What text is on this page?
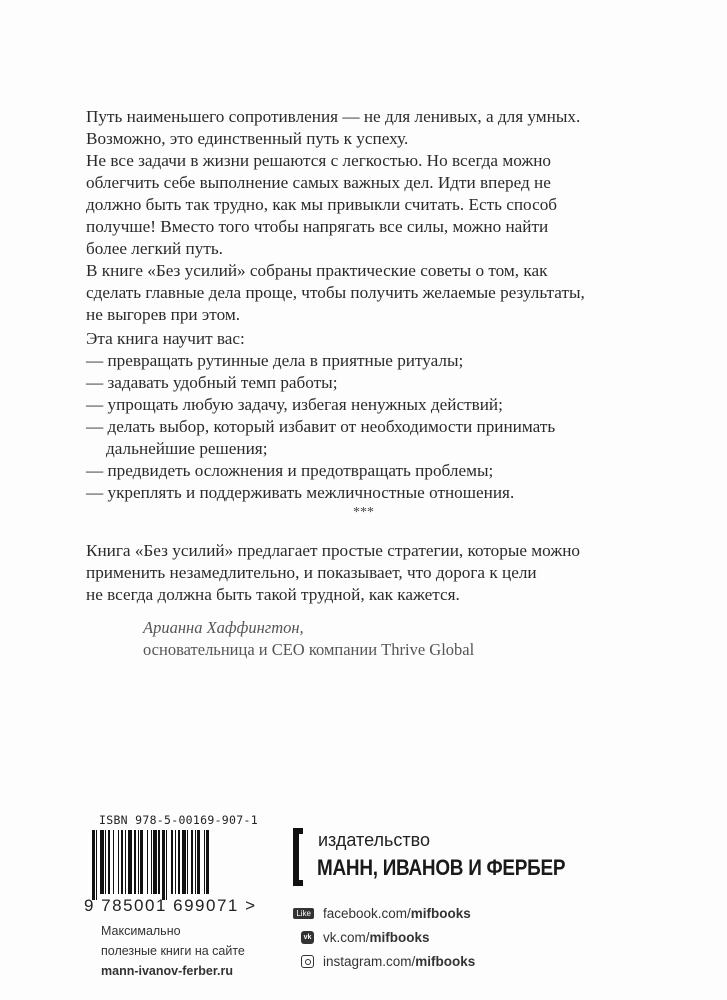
Путь наименьшего сопротивления — не для ленивых, а для умных.
Возможно, это единственный путь к успеху.
Не все задачи в жизни решаются с легкостью. Но всегда можно
облегчить себе выполнение самых важных дел. Идти вперед не
должно быть так трудно, как мы привыкли считать. Есть способ
получше! Вместо того чтобы напрягать все силы, можно найти
более легкий путь.
В книге «Без усилий» собраны практические советы о том, как
сделать главные дела проще, чтобы получить желаемые результаты,
не выгорев при этом.
Эта книга научит вас:
— превращать рутинные дела в приятные ритуалы;
— задавать удобный темп работы;
— упрощать любую задачу, избегая ненужных действий;
— делать выбор, который избавит от необходимости принимать
дальнейшие решения;
— предвидеть осложнения и предотвращать проблемы;
— укреплять и поддерживать межличностные отношения.
***
Книга «Без усилий» предлагает простые стратегии, которые можно
применить незамедлительно, и показывает, что дорога к цели
не всегда должна быть такой трудной, как кажется.
Арианна Хаффингтон,
основательница и CEO компании Thrive Global
ISBN 978-5-00169-907-1
9 785001 699071 >
Максимально
полезные книги на сайте
mann-ivanov-ferber.ru
издательство
МАНН, ИВАНОВ И ФЕРБЕР
Like facebook.com/ mifbooks
vk vk.com/ mifbooks
instagram.com/ mifbooks
